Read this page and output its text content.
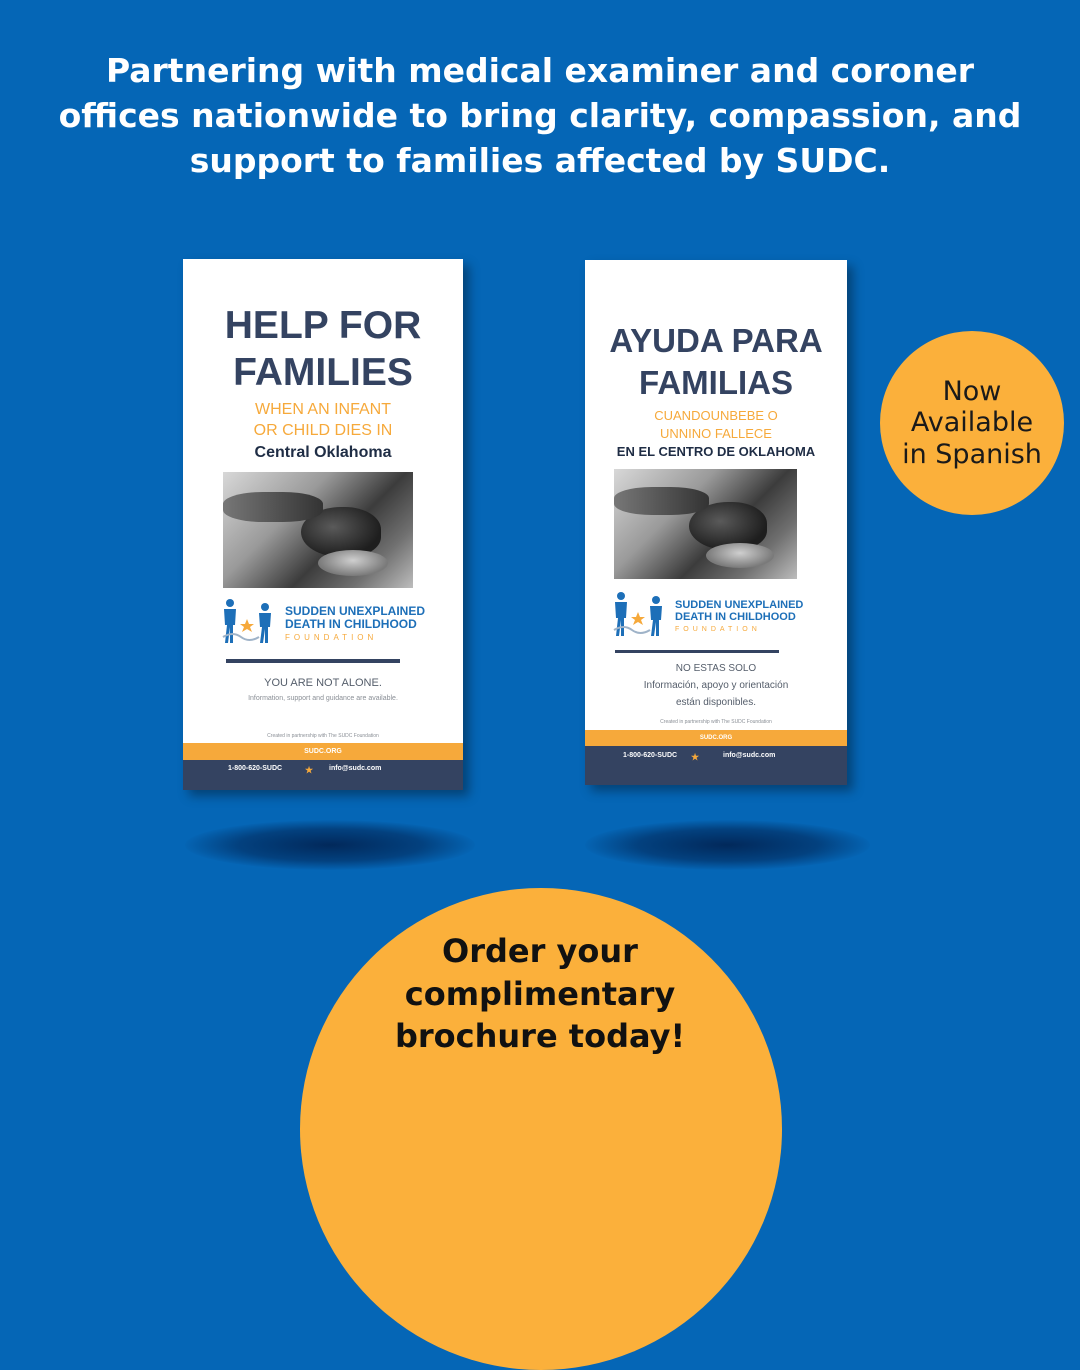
Partnering with medical examiner and coroner offices nationwide to bring clarity, compassion, and support to families affected by SUDC.
HELP FOR
FAMILIES
WHEN AN INFANT
OR CHILD DIES IN
Central Oklahoma
SUDDEN UNEXPLAINED
DEATH IN CHILDHOOD
FOUNDATION
YOU ARE NOT ALONE.
Information, support and guidance are available.
Created in partnership with The SUDC Foundation
SUDC.ORG
1-800-620-SUDC	★ info@sudc.com
AYUDA PARA
FAMILIAS
CUANDOUNBEBE O
UNNINO FALLECE
EN EL CENTRO DE OKLAHOMA
SUDDEN UNEXPLAINED
DEATH IN CHILDHOOD
FOUNDATION
NO ESTAS SOLO
Información, apoyo y orientación
están disponibles.
Created in partnership with The SUDC Foundation
SUDC.ORG
1-800-620-SUDC ★	info@sudc.com
Now
Available
in Spanish
Order your
complimentary
brochure today!
